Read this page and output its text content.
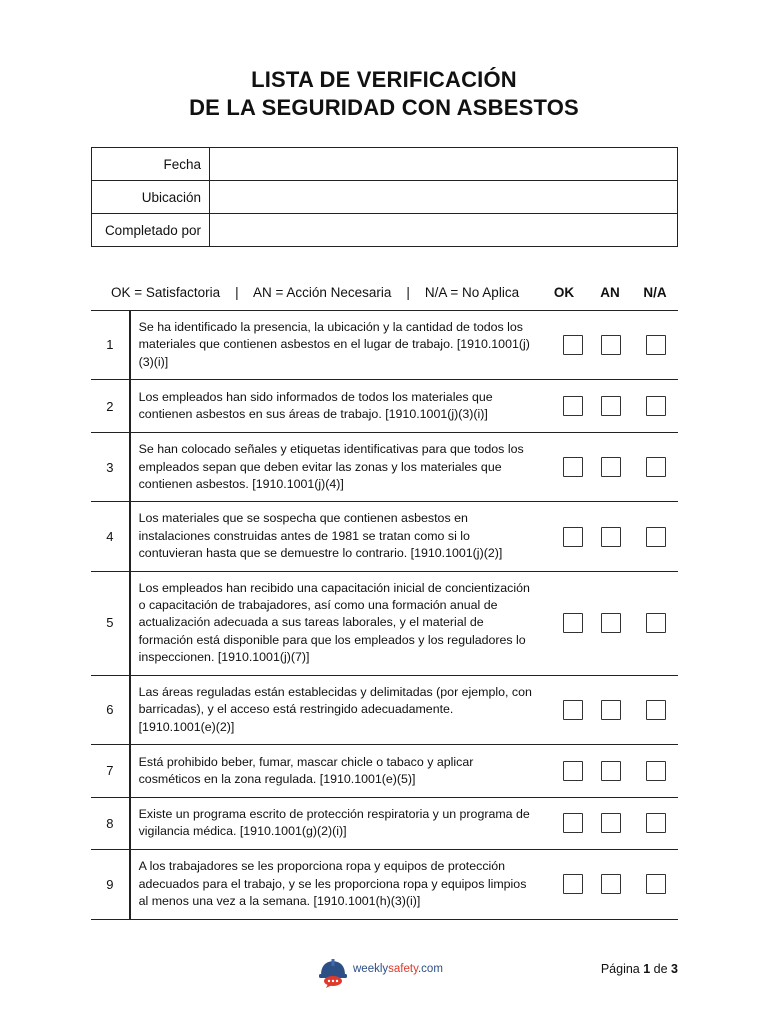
LISTA DE VERIFICACIÓN
DE LA SEGURIDAD CON ASBESTOS
Fecha	
Ubicación	
Completado por	
OK = Satisfactoria    |    AN = Acción Necesaria    |    N/A = No Aplica	OK	AN	N/A
1	Se ha identificado la presencia, la ubicación y la cantidad de todos los materiales que contienen asbestos en el lugar de trabajo. [1910.1001(j)(3)(i)]			
2	Los empleados han sido informados de todos los materiales que contienen asbestos en sus áreas de trabajo. [1910.1001(j)(3)(i)]			
3	Se han colocado señales y etiquetas identificativas para que todos los empleados sepan que deben evitar las zonas y los materiales que contienen asbestos. [1910.1001(j)(4)]			
4	Los materiales que se sospecha que contienen asbestos en instalaciones construidas antes de 1981 se tratan como si lo contuvieran hasta que se demuestre lo contrario. [1910.1001(j)(2)]			
5	Los empleados han recibido una capacitación inicial de concientización o capacitación de trabajadores, así como una formación anual de actualización adecuada a sus tareas laborales, y el material de formación está disponible para que los empleados y los reguladores lo inspeccionen. [1910.1001(j)(7)]			
6	Las áreas reguladas están establecidas y delimitadas (por ejemplo, con barricadas), y el acceso está restringido adecuadamente. [1910.1001(e)(2)]			
7	Está prohibido beber, fumar, mascar chicle o tabaco y aplicar cosméticos en la zona regulada. [1910.1001(e)(5)]			
8	Existe un programa escrito de protección respiratoria y un programa de vigilancia médica. [1910.1001(g)(2)(i)]			
9	A los trabajadores se les proporciona ropa y equipos de protección adecuados para el trabajo, y se les proporciona ropa y equipos limpios al menos una vez a la semana. [1910.1001(h)(3)(i)]			
weeklysafety.com	Página 1 de 3
